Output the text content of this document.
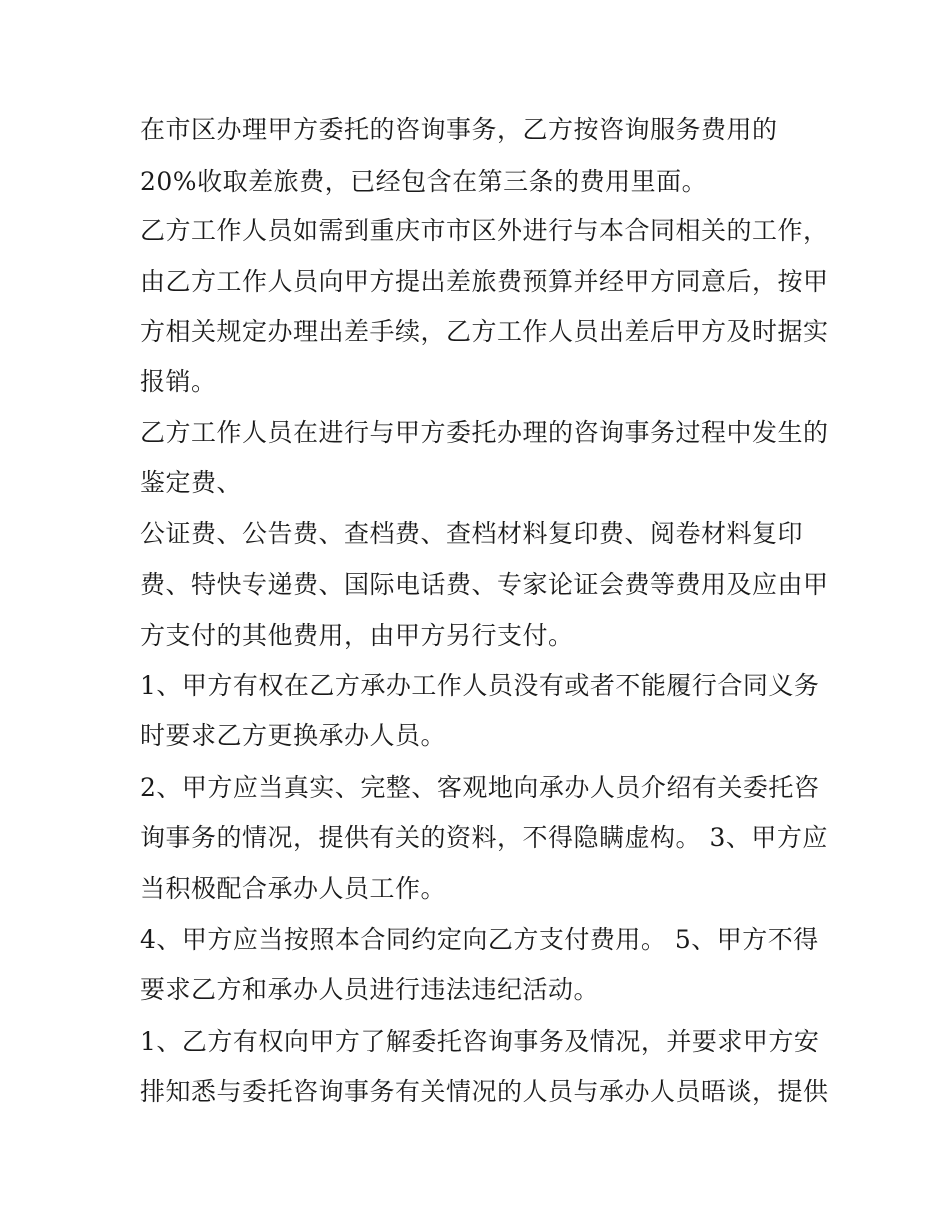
在市区办理甲方委托的咨询事务，乙方按咨询服务费用的
20%收取差旅费，已经包含在第三条的费用里面。
乙方工作人员如需到重庆市市区外进行与本合同相关的工作，
由乙方工作人员向甲方提出差旅费预算并经甲方同意后，按甲
方相关规定办理出差手续，乙方工作人员出差后甲方及时据实
报销。
乙方工作人员在进行与甲方委托办理的咨询事务过程中发生的
鉴定费、
公证费、公告费、查档费、查档材料复印费、阅卷材料复印
费、特快专递费、国际电话费、专家论证会费等费用及应由甲
方支付的其他费用，由甲方另行支付。
1、甲方有权在乙方承办工作人员没有或者不能履行合同义务
时要求乙方更换承办人员。
2、甲方应当真实、完整、客观地向承办人员介绍有关委托咨
询事务的情况，提供有关的资料，不得隐瞒虚构。 3、甲方应
当积极配合承办人员工作。
4、甲方应当按照本合同约定向乙方支付费用。 5、甲方不得
要求乙方和承办人员进行违法违纪活动。
1、乙方有权向甲方了解委托咨询事务及情况，并要求甲方安
排知悉与委托咨询事务有关情况的人员与承办人员晤谈，提供
